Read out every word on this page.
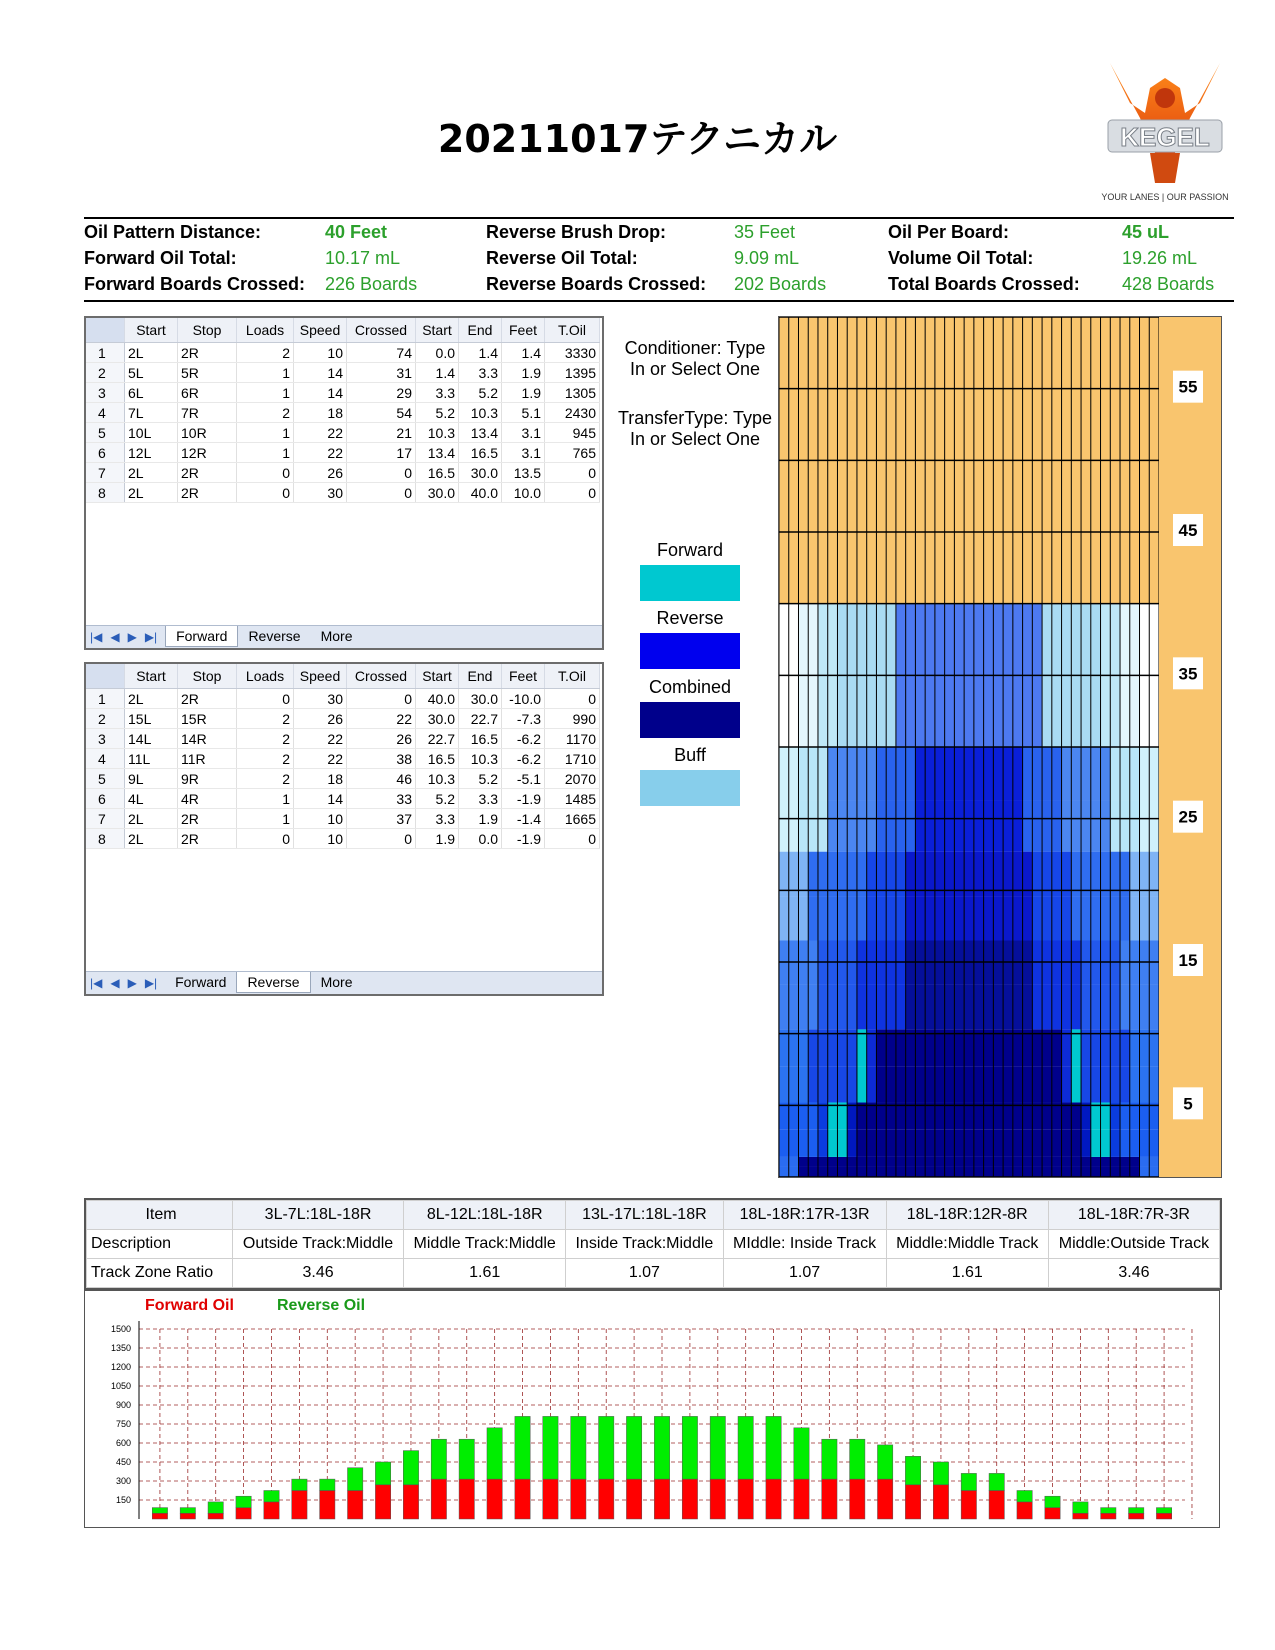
20211017テクニカル	KEGEL
YOUR LANES | OUR PASSION
Oil Pattern Distance:	40 Feet
Forward Oil Total:	10.17 mL
Forward Boards Crossed: 226 Boards
Reverse Brush Drop:	35 Feet
Reverse Oil Total:	9.09 mL
Reverse Boards Crossed: 202 Boards
Oil Per Board:	45 uL
Volume Oil Total:	19.26 mL
Total Boards Crossed: 428 Boards
	Start	Stop	Loads	Speed	Crossed	Start	End	Feet	T.Oil
1	2L	2R	2	10	74	0.0	1.4	1.4	3330
2	5L	5R	1	14	31	1.4	3.3	1.9	1395
3	6L	6R	1	14	29	3.3	5.2	1.9	1305
4	7L	7R	2	18	54	5.2	10.3	5.1	2430
5	10L	10R	1	22	21	10.3	13.4	3.1	945
6	12L	12R	1	22	17	13.4	16.5	3.1	765
7	2L	2R	0	26	0	16.5	30.0	13.5	0
8	2L	2R	0	30	0	30.0	40.0	10.0	0
|◀ ◀ ▶ ▶| Forward Reverse More
	Start	Stop	Loads	Speed	Crossed	Start	End	Feet	T.Oil
1	2L	2R	0	30	0	40.0	30.0	-10.0	0
2	15L	15R	2	26	22	30.0	22.7	-7.3	990
3	14L	14R	2	22	26	22.7	16.5	-6.2	1170
4	11L	11R	2	22	38	16.5	10.3	-6.2	1710
5	9L	9R	2	18	46	10.3	5.2	-5.1	2070
6	4L	4R	1	14	33	5.2	3.3	-1.9	1485
7	2L	2R	1	10	37	3.3	1.9	-1.4	1665
8	2L	2R	0	10	0	1.9	0.0	-1.9	0
|◀ ◀ ▶ ▶| Forward Reverse More
Conditioner: Type In or Select One
TransferType: Type In or Select One
Forward
Reverse
Combined
Buff
55
45
35
25
15
5
Item	3L-7L:18L-18R	8L-12L:18L-18R	13L-17L:18L-18R	18L-18R:17R-13R	18L-18R:12R-8R	18L-18R:7R-3R
Description	Outside Track:Middle	Middle Track:Middle	Inside Track:Middle	MIddle: Inside Track	Middle:Middle Track	Middle:Outside Track
Track Zone Ratio	3.46	1.61	1.07	1.07	1.61	3.46
Forward Oil	Reverse Oil
1500
1350
1200
1050
900
750
600
450
300
150
